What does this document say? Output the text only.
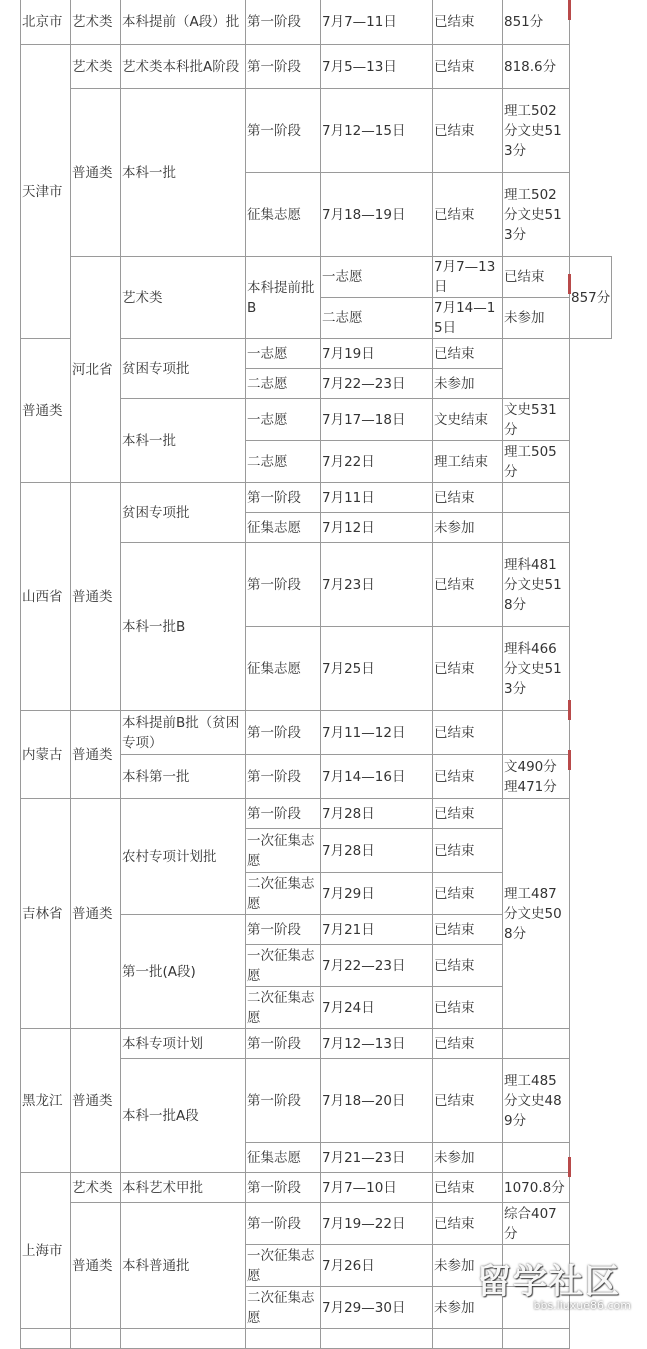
北京市	艺术类	本科提前（A段）批	第一阶段	7月7—11日	已结束	851分	
天津市	艺术类	艺术类本科批A阶段	第一阶段	7月5—13日	已结束	818.6分	
	普通类	本科一批	第一阶段	7月12—15日	已结束	理工502分文史513分	
			征集志愿	7月18—19日	已结束	理工502分文史513分	
	河北省	艺术类	本科提前批B	一志愿	7月7—13日	已结束	857分
				二志愿	7月14—15日	未参加	
普通类		贫困专项批	一志愿	7月19日	已结束		
			二志愿	7月22—23日	未参加		
		本科一批	一志愿	7月17—18日	文史结束	文史531分	
			二志愿	7月22日	理工结束	理工505分	
山西省	普通类	贫困专项批	第一阶段	7月11日	已结束		
			征集志愿	7月12日	未参加		
		本科一批B	第一阶段	7月23日	已结束	理科481分文史518分	
			征集志愿	7月25日	已结束	理科466分文史513分	
内蒙古	普通类	本科提前B批（贫困专项）	第一阶段	7月11—12日	已结束		
		本科第一批	第一阶段	7月14—16日	已结束	文490分理471分	
吉林省	普通类	农村专项计划批	第一阶段	7月28日	已结束	理工487分文史508分	
			一次征集志愿	7月28日	已结束		
			二次征集志愿	7月29日	已结束		
		第一批(A段)	第一阶段	7月21日	已结束		
			一次征集志愿	7月22—23日	已结束		
			二次征集志愿	7月24日	已结束		
黑龙江	普通类	本科专项计划	第一阶段	7月12—13日	已结束		
		本科一批A段	第一阶段	7月18—20日	已结束	理工485分文史489分	
			征集志愿	7月21—23日	未参加		
上海市	艺术类	本科艺术甲批	第一阶段	7月7—10日	已结束	1070.8分	
	普通类	本科普通批	第一阶段	7月19—22日	已结束	综合407分	
			一次征集志愿	7月26日	未参加		
			二次征集志愿	7月29—30日	未参加		

留学社区
bbs.liuxue86.com
